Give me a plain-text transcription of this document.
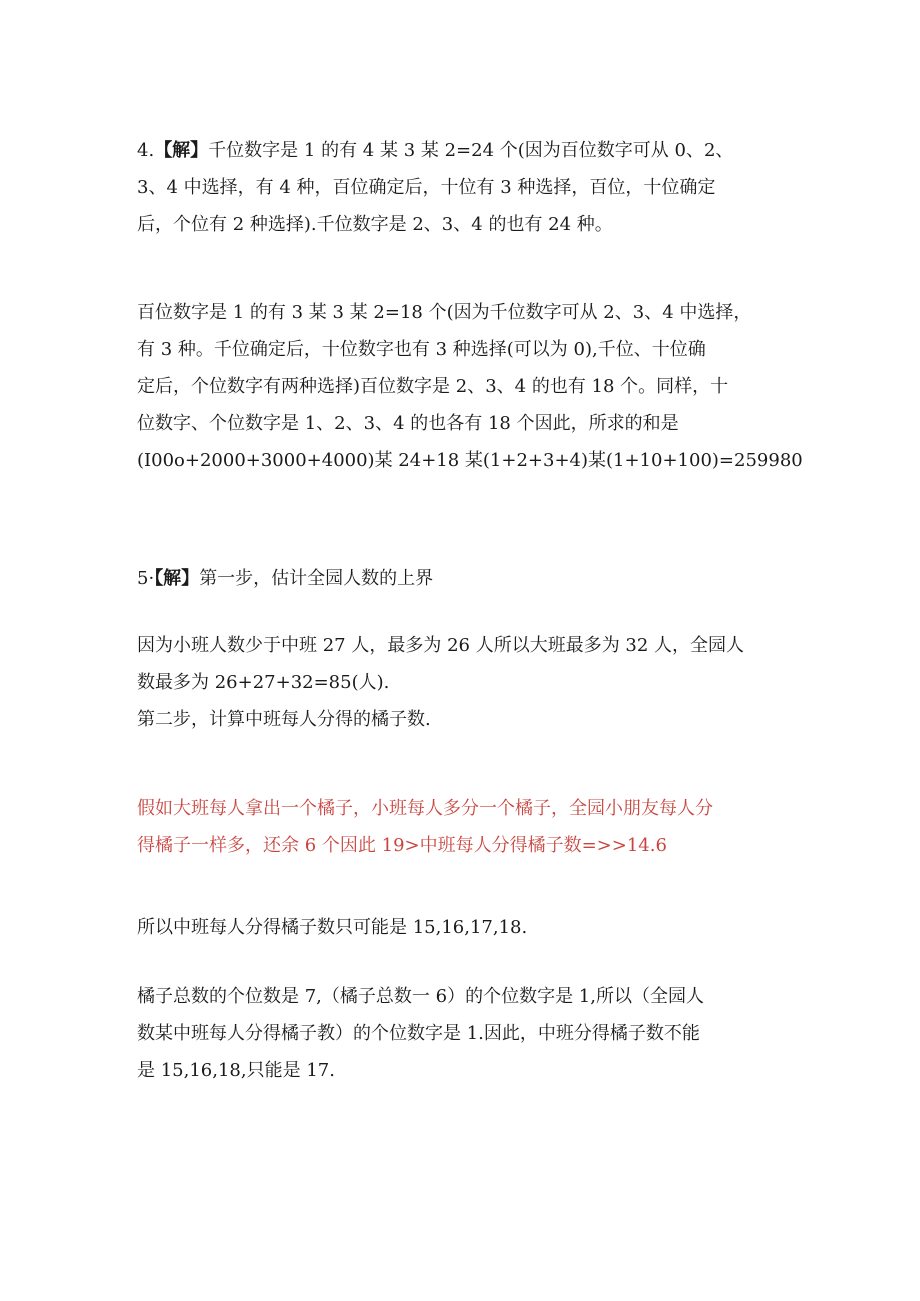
4.【解】千位数字是 1 的有 4 某 3 某 2=24 个(因为百位数字可从 0、2、
3、4 中选择，有 4 种，百位确定后，十位有 3 种选择，百位，十位确定
后，个位有 2 种选择).千位数字是 2、3、4 的也有 24 种。
百位数字是 1 的有 3 某 3 某 2=18 个(因为千位数字可从 2、3、4 中选择，
有 3 种。千位确定后，十位数字也有 3 种选择(可以为 0),千位、十位确
定后，个位数字有两种选择)百位数字是 2、3、4 的也有 18 个。同样，十
位数字、个位数字是 1、2、3、4 的也各有 18 个因此，所求的和是
(I00o+2000+3000+4000)某 24+18 某(1+2+3+4)某(1+10+100)=259980
5·【解】第一步，估计全园人数的上界
因为小班人数少于中班 27 人，最多为 26 人所以大班最多为 32 人，全园人
数最多为 26+27+32=85(人).
第二步，计算中班每人分得的橘子数.
假如大班每人拿出一个橘子，小班每人多分一个橘子，全园小朋友每人分
得橘子一样多，还余 6 个因此 19>中班每人分得橘子数=>>14.6
所以中班每人分得橘子数只可能是 15,16,17,18.
橘子总数的个位数是 7,（橘子总数一 6）的个位数字是 1,所以（全园人
数某中班每人分得橘子教）的个位数字是 1.因此，中班分得橘子数不能
是 15,16,18,只能是 17.
